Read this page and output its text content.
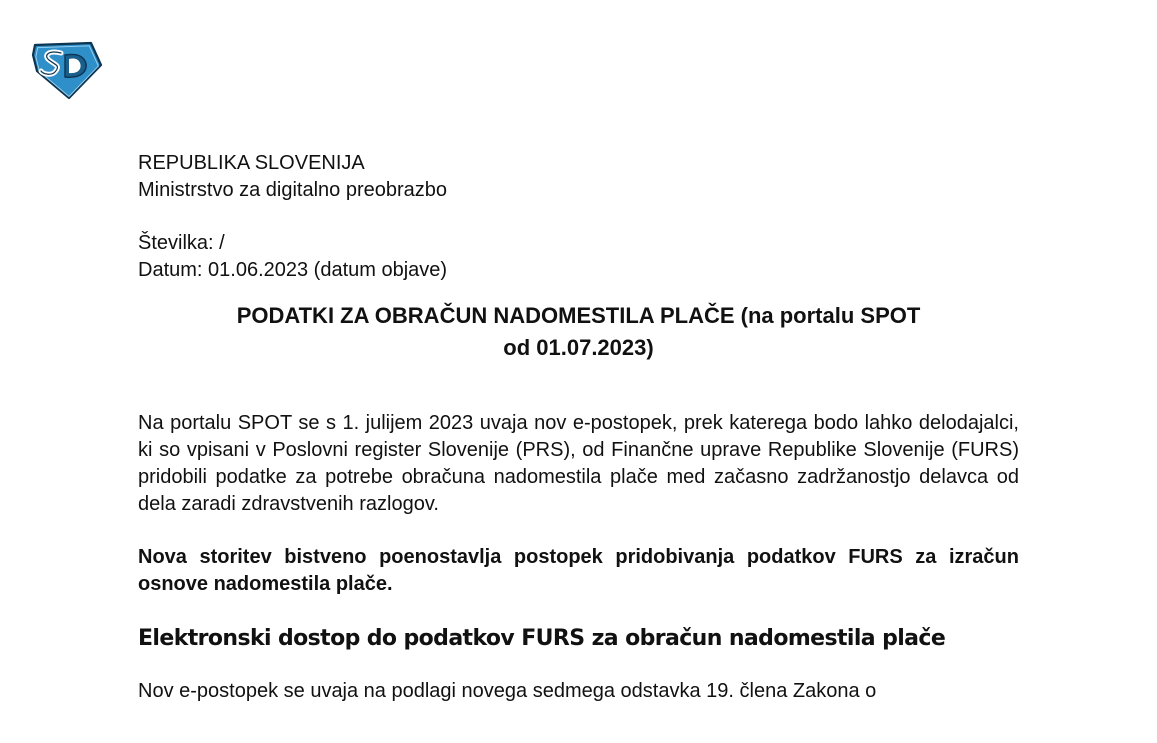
REPUBLIKA SLOVENIJA

Ministrstvo za digitalno preobrazbo

Številka: /

Datum: 01.06.2023 (datum objave)

PODATKI ZA OBRAČUN NADOMESTILA PLAČE (na portalu SPOT

od 01.07.2023)

Na portalu SPOT se s 1. julijem 2023 uvaja nov e-postopek, prek katerega bodo lahko delodajalci, ki so vpisani v Poslovni register Slovenije (PRS), od Finančne uprave Republike Slovenije (FURS) pridobili podatke za potrebe obračuna nadomestila plače med začasno zadržanostjo delavca od dela zaradi zdravstvenih razlogov.

Nova storitev bistveno poenostavlja postopek pridobivanja podatkov FURS za izračun osnove nadomestila plače.

Elektronski dostop do podatkov FURS za obračun nadomestila plače

Nov e-postopek se uvaja na podlagi novega sedmega odstavka 19. člena Zakona o
